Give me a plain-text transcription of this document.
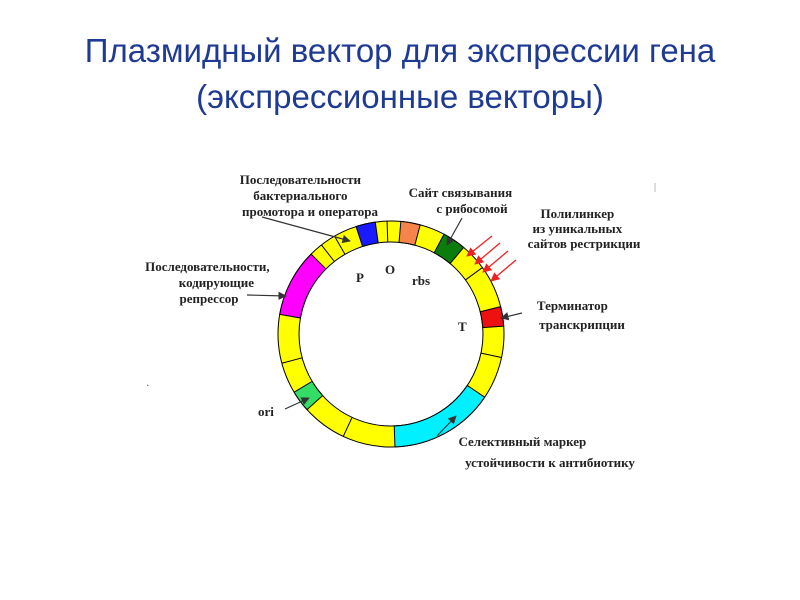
Плазмидный вектор для экспрессии гена
(экспрессионные векторы)
Последовательности бактериального промотора и оператора
Сайт связывания с рибосомой	Полилинкер из уникальных сайтов рестрикции
Последовательности, кодирующие репрессор	Терминатор транскрипции
ori
Селективный маркер устойчивости к антибиотику
P
O
rbs
T
.
